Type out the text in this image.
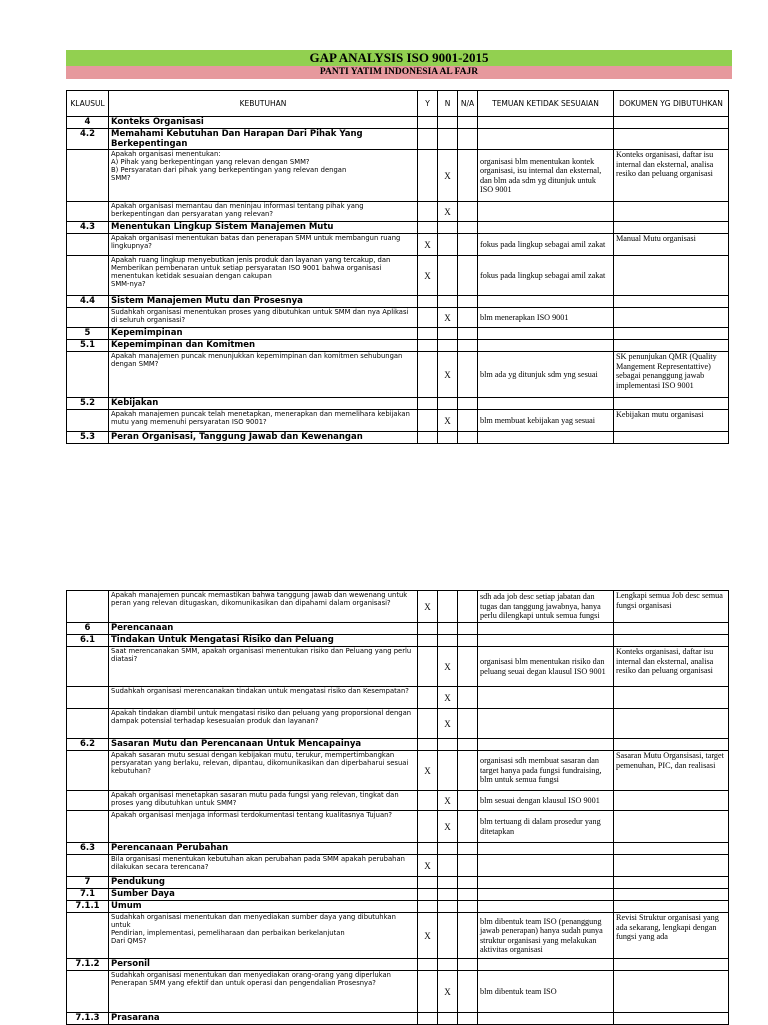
GAP ANALYSIS ISO 9001-2015
PANTI YATIM INDONESIA AL FAJR
KLAUSUL	KEBUTUHAN	Y	N	N/A	TEMUAN KETIDAK SESUAIAN	DOKUMEN YG DIBUTUHKAN
4	Konteks Organisasi					
4.2	Memahami Kebutuhan Dan Harapan Dari Pihak Yang Berkepentingan					
	Apakah organisasi menentukan:
A) Pihak yang berkepentingan yang relevan dengan SMM?
B) Persyaratan dari pihak yang berkepentingan yang relevan dengan
SMM?		X		organisasi blm menentukan kontek organisasi, isu internal dan eksternal, dan blm ada sdm yg ditunjuk untuk ISO 9001	Konteks organisasi, daftar isu internal dan eksternal, analisa resiko dan peluang organisasi
	Apakah organisasi memantau dan meninjau informasi tentang pihak yang berkepentingan dan persyaratan yang relevan?		X			
4.3	Menentukan Lingkup Sistem Manajemen Mutu					
	Apakah organisasi menentukan batas dan penerapan SMM untuk membangun ruang lingkupnya?	X			fokus pada lingkup sebagai amil zakat	Manual Mutu organisasi
	Apakah ruang lingkup menyebutkan jenis produk dan layanan yang tercakup, dan Memberikan pembenaran untuk setiap persyaratan ISO 9001 bahwa organisasi menentukan ketidak sesuaian dengan cakupan
SMM-nya?	X			fokus pada lingkup sebagai amil zakat	
4.4	Sistem Manajemen Mutu dan Prosesnya					
	Sudahkah organisasi menentukan proses yang dibutuhkan untuk SMM dan nya Aplikasi di seluruh organisasi?		X		blm menerapkan ISO 9001	
5	Kepemimpinan					
5.1	Kepemimpinan dan Komitmen					
	Apakah manajemen puncak menunjukkan kepemimpinan dan komitmen sehubungan dengan SMM?		X		blm ada yg ditunjuk sdm yng sesuai	SK penunjukan QMR (Quality Mangement Representattive) sebagai penanggung jawab implementasi ISO 9001
5.2	Kebijakan					
	Apakah manajemen puncak telah menetapkan, menerapkan dan memelihara kebijakan mutu yang memenuhi persyaratan ISO 9001?		X		blm membuat kebijakan yag sesuai	Kebijakan mutu organisasi
5.3	Peran Organisasi, Tanggung Jawab dan Kewenangan					
	Apakah manajemen puncak memastikan bahwa tanggung jawab dan wewenang untuk peran yang relevan ditugaskan, dikomunikasikan dan dipahami dalam organisasi?	X			sdh ada job desc setiap jabatan dan tugas dan tanggung jawabnya, hanya perlu dilengkapi untuk semua fungsi	Lengkapi semua Job desc semua fungsi organisasi
6	Perencanaan					
6.1	Tindakan Untuk Mengatasi Risiko dan Peluang					
	Saat merencanakan SMM, apakah organisasi menentukan risiko dan Peluang yang perlu diatasi?		X		organisasi blm menentukan risiko dan peluang seuai degan klausul ISO 9001	Konteks organisasi, daftar isu internal dan eksternal, analisa resiko dan peluang organisasi
	Sudahkah organisasi merencanakan tindakan untuk mengatasi risiko dan Kesempatan?		X			
	Apakah tindakan diambil untuk mengatasi risiko dan peluang yang proporsional dengan dampak potensial terhadap kesesuaian produk dan layanan?		X			
6.2	Sasaran Mutu dan Perencanaan Untuk Mencapainya					
	Apakah sasaran mutu sesuai dengan kebijakan mutu, terukur, mempertimbangkan persyaratan yang berlaku, relevan, dipantau, dikomunikasikan dan diperbaharui sesuai kebutuhan?	X			organisasi sdh membuat sasaran dan target hanya pada fungsi fundraising, blm untuk semua fungsi	Sasaran Mutu Organsisasi, target pemenuhan, PIC, dan realisasi
	Apakah organisasi menetapkan sasaran mutu pada fungsi yang relevan, tingkat dan proses yang dibutuhkan untuk SMM?		X		blm sesuai dengan klausul ISO 9001	
	Apakah organisasi menjaga informasi terdokumentasi tentang kualitasnya Tujuan?		X		blm tertuang di dalam prosedur yang ditetapkan	
6.3	Perencanaan Perubahan					
	Bila organisasi menentukan kebutuhan akan perubahan pada SMM apakah perubahan dilakukan secara terencana?	X				
7	Pendukung					
7.1	Sumber Daya					
7.1.1	Umum					
	Sudahkah organisasi menentukan dan menyediakan sumber daya yang dibutuhkan untuk
Pendirian, implementasi, pemeliharaan dan perbaikan berkelanjutan
Dari QMS?	X			blm dibentuk team ISO (penanggung jawab penerapan) hanya sudah punya struktur organisasi yang melakukan aktivitas organisasi	Revisi Struktur organisasi yang ada sekarang, lengkapi dengan fungsi yang ada
7.1.2	Personil					
	Sudahkah organisasi menentukan dan menyediakan orang-orang yang diperlukan Penerapan SMM yang efektif dan untuk operasi dan pengendalian Prosesnya?		X		blm dibentuk team ISO	
7.1.3	Prasarana					
